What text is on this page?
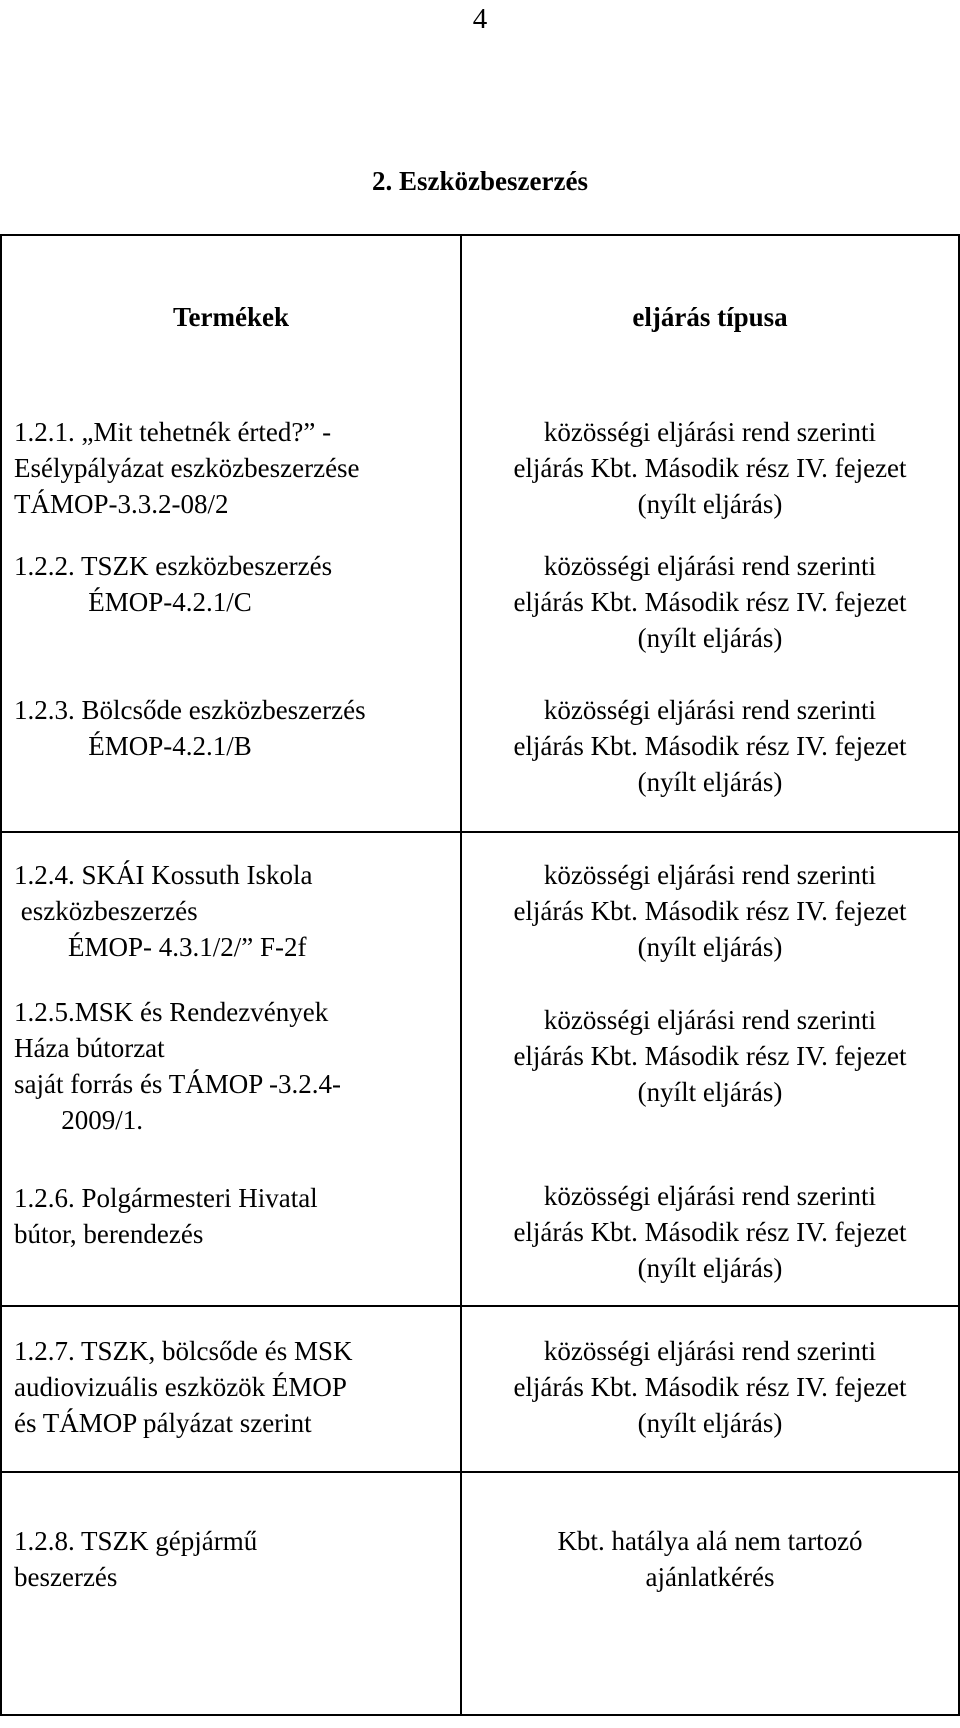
4
2. Eszközbeszerzés
Termékek	eljárás típusa

1.2.1. „Mit tehetnék érted?” -
Esélypályázat eszközbeszerzése
TÁMOP-3.3.2-08/2	közösségi eljárási rend szerinti
eljárás Kbt. Második rész IV. fejezet
(nyílt eljárás)

1.2.2. TSZK eszközbeszerzés
ÉMOP-4.2.1/C	közösségi eljárási rend szerinti
eljárás Kbt. Második rész IV. fejezet
(nyílt eljárás)

1.2.3. Bölcsőde eszközbeszerzés
ÉMOP-4.2.1/B	közösségi eljárási rend szerinti
eljárás Kbt. Második rész IV. fejezet
(nyílt eljárás)

1.2.4. SKÁI Kossuth Iskola
eszközbeszerzés
ÉMOP- 4.3.1/2/” F-2f	közösségi eljárási rend szerinti
eljárás Kbt. Második rész IV. fejezet
(nyílt eljárás)

1.2.5.MSK és Rendezvények
Háza bútorzat
saját forrás és TÁMOP -3.2.4-
2009/1.	közösségi eljárási rend szerinti
eljárás Kbt. Második rész IV. fejezet
(nyílt eljárás)

1.2.6. Polgármesteri Hivatal
bútor, berendezés	közösségi eljárási rend szerinti
eljárás Kbt. Második rész IV. fejezet
(nyílt eljárás)

1.2.7. TSZK, bölcsőde és MSK
audiovizuális eszközök ÉMOP
és TÁMOP pályázat szerint	közösségi eljárási rend szerinti
eljárás Kbt. Második rész IV. fejezet
(nyílt eljárás)

1.2.8. TSZK gépjármű
beszerzés	Kbt. hatálya alá nem tartozó
ajánlatkérés
